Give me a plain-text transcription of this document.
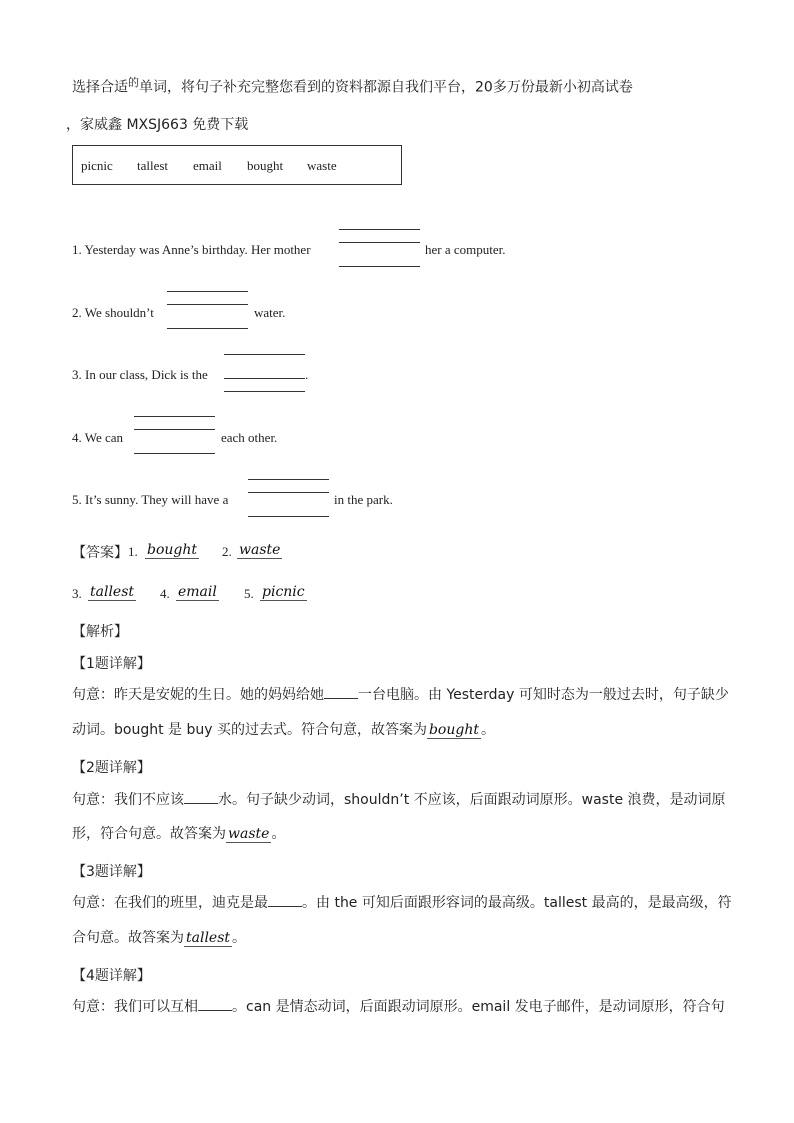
选择合适$^的$单词，将句子补充完整您看到的资料都源自我们平台，20多万份最新小初高试卷
，家威鑫 MXSJ663 免费下载
picnic tallest email bought waste
1. Yesterday was Anne’s birthday. Her mother	her a computer.
2. We shouldn’t	water.
3. In our class, Dick is the	.
4. We can	each other.
5. It’s sunny. They will have a	in the park.
【答案】 1. bought 2. waste
3. tallest 4. email 5. picnic
【解析】
【1题详解】
句意：昨天是安妮的生日。她的妈妈给她 一台电脑。由 Yesterday 可知时态为一般过去时，句子缺少
动词。bought 是 buy 买的过去式。符合句意，故答案为 bought 。
【2题详解】
句意：我们不应该 水。句子缺少动词，shouldn’t 不应该，后面跟动词原形。waste 浪费，是动词原
形，符合句意。故答案为 waste 。
【3题详解】
句意：在我们的班里，迪克是最 。由 the 可知后面跟形容词的最高级。tallest 最高的，是最高级，符
合句意。故答案为 tallest 。
【4题详解】
句意：我们可以互相 。can 是情态动词，后面跟动词原形。email 发电子邮件，是动词原形，符合句
